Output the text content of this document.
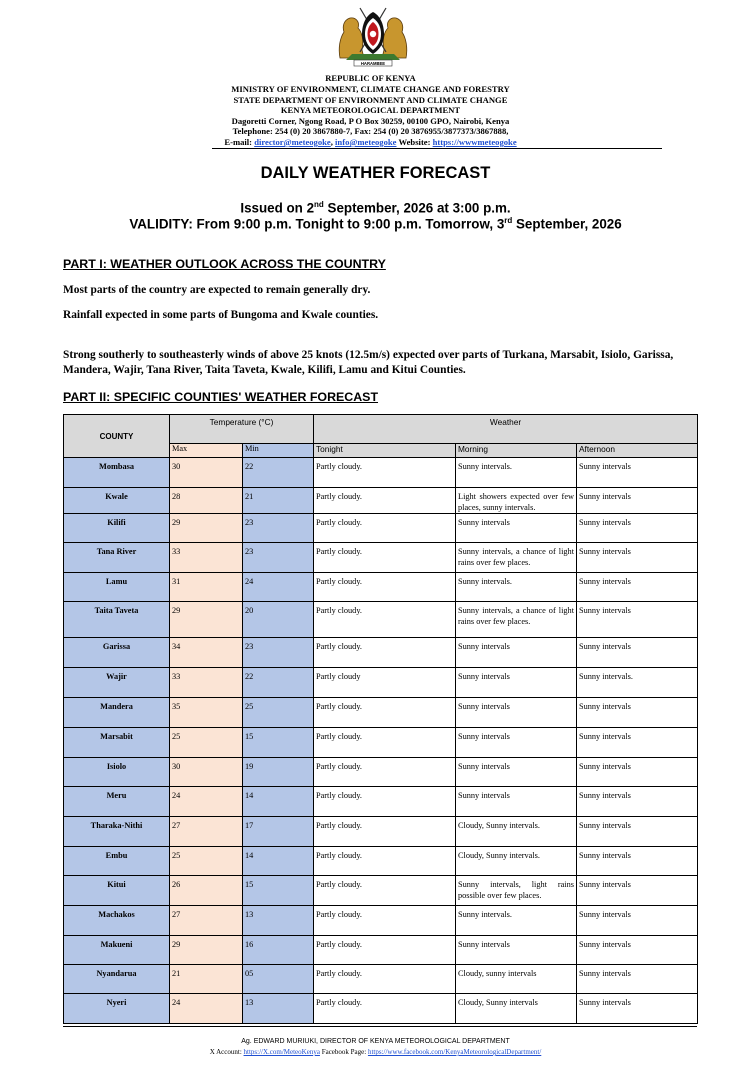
HARAMBEE
REPUBLIC OF KENYA
MINISTRY OF ENVIRONMENT, CLIMATE CHANGE AND FORESTRY
STATE DEPARTMENT OF ENVIRONMENT AND CLIMATE CHANGE
KENYA METEOROLOGICAL DEPARTMENT
Dagoretti Corner, Ngong Road, P O Box 30259, 00100 GPO, Nairobi, Kenya
Telephone: 254 (0) 20 3867880-7, Fax: 254 (0) 20 3876955/3877373/3867888,
E-mail: director@meteogoke, info@meteogoke Website: https://wwwmeteogoke
DAILY WEATHER FORECAST
Issued on 2nd September, 2026 at 3:00 p.m.
VALIDITY: From 9:00 p.m. Tonight to 9:00 p.m. Tomorrow, 3rd September, 2026
PART I: WEATHER OUTLOOK ACROSS THE COUNTRY
Most parts of the country are expected to remain generally dry.
Rainfall expected in some parts of Bungoma and Kwale counties.
Strong southerly to southeasterly winds of above 25 knots (12.5m/s) expected over parts of Turkana, Marsabit, Isiolo, Garissa, Mandera, Wajir, Tana River, Taita Taveta, Kwale, Kilifi, Lamu and Kitui Counties.
PART II: SPECIFIC COUNTIES' WEATHER FORECAST
COUNTY	Temperature (°C)		Weather		
	Max	Min	Tonight	Morning	Afternoon
Mombasa	30	22	Partly cloudy.	Sunny intervals.	Sunny intervals
Kwale	28	21	Partly cloudy.	Light showers expected over few places, sunny intervals.	Sunny intervals
Kilifi	29	23	Partly cloudy.	Sunny intervals	Sunny intervals
Tana River	33	23	Partly cloudy.	Sunny intervals, a chance of light rains over few places.	Sunny intervals
Lamu	31	24	Partly cloudy.	Sunny intervals.	Sunny intervals
Taita Taveta	29	20	Partly cloudy.	Sunny intervals, a chance of light rains over few places.	Sunny intervals
Garissa	34	23	Partly cloudy.	Sunny intervals	Sunny intervals
Wajir	33	22	Partly cloudy	Sunny intervals	Sunny intervals.
Mandera	35	25	Partly cloudy.	Sunny intervals	Sunny intervals
Marsabit	25	15	Partly cloudy.	Sunny intervals	Sunny intervals
Isiolo	30	19	Partly cloudy.	Sunny intervals	Sunny intervals
Meru	24	14	Partly cloudy.	Sunny intervals	Sunny intervals
Tharaka-Nithi	27	17	Partly cloudy.	Cloudy, Sunny intervals.	Sunny intervals
Embu	25	14	Partly cloudy.	Cloudy, Sunny intervals.	Sunny intervals
Kitui	26	15	Partly cloudy.	Sunny intervals, light rains possible over few places.	Sunny intervals
Machakos	27	13	Partly cloudy.	Sunny intervals.	Sunny intervals
Makueni	29	16	Partly cloudy.	Sunny intervals	Sunny intervals
Nyandarua	21	05	Partly cloudy.	Cloudy, sunny intervals	Sunny intervals
Nyeri	24	13	Partly cloudy.	Cloudy, Sunny intervals	Sunny intervals
Ag. EDWARD MURIUKI, DIRECTOR OF KENYA METEOROLOGICAL DEPARTMENT
X Account: https://X.com/MeteoKenya Facebook Page: https://www.facebook.com/KenyaMeteorologicalDepartment/
